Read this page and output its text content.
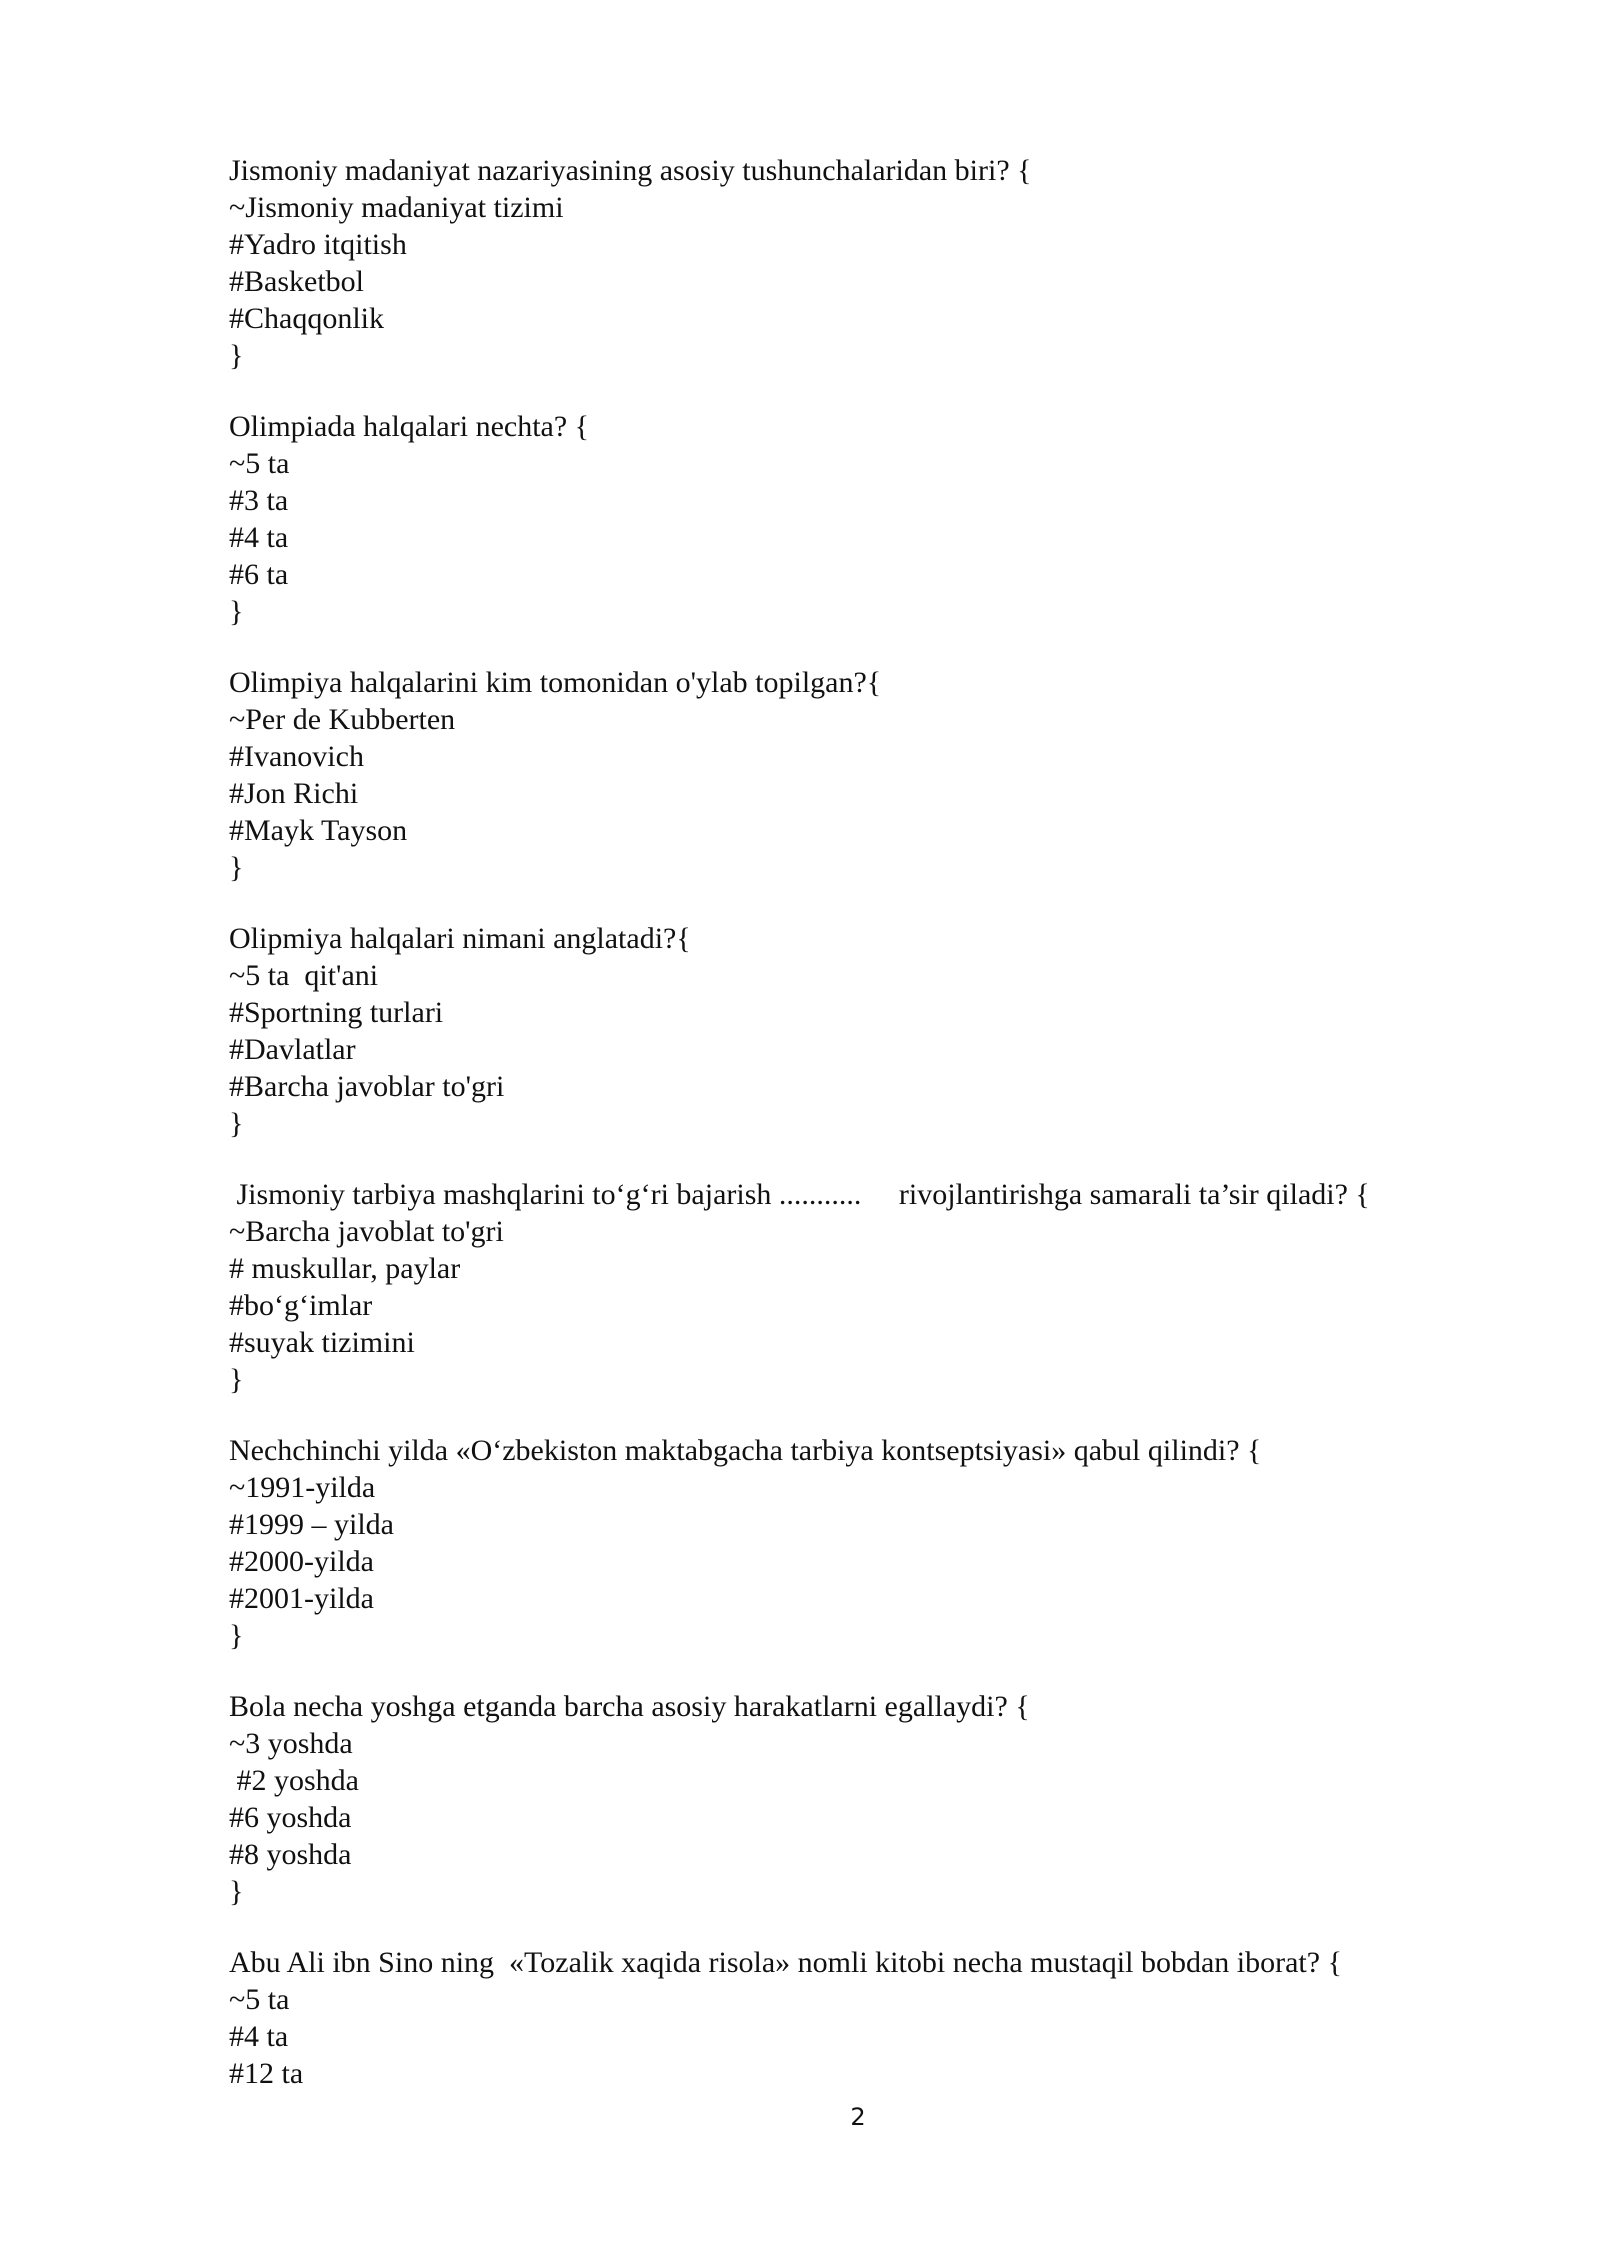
Jismoniy madaniyat nazariyasining asosiy tushunchalaridan biri? {
~Jismoniy madaniyat tizimi
#Yadro itqitish
#Basketbol
#Chaqqonlik
}
Olimpiada halqalari nechta? {
~5 ta
#3 ta
#4 ta
#6 ta
}
Olimpiya halqalarini kim tomonidan o'ylab topilgan?{
~Per de Kubberten
#Ivanovich
#Jon Richi
#Mayk Tayson
}
Olipmiya halqalari nimani anglatadi?{
~5 ta  qit'ani
#Sportning turlari
#Davlatlar
#Barcha javoblar to'gri
}
Jismoniy tarbiya mashqlarini to‘g‘ri bajarish ...........     rivojlantirishga samarali ta’sir qiladi? {
~Barcha javoblat to'gri
# muskullar, paylar
#bo‘g‘imlar
#suyak tizimini
}
Nechchinchi yilda «O‘zbekiston maktabgacha tarbiya kontseptsiyasi» qabul qilindi? {
~1991-yilda
#1999 – yilda
#2000-yilda
#2001-yilda
}
Bola necha yoshga etganda barcha asosiy harakatlarni egallaydi? {
~3 yoshda
#2 yoshda
#6 yoshda
#8 yoshda
}
Abu Ali ibn Sino ning  «Tozalik xaqida risola» nomli kitobi necha mustaqil bobdan iborat? {
~5 ta
#4 ta
#12 ta
2
